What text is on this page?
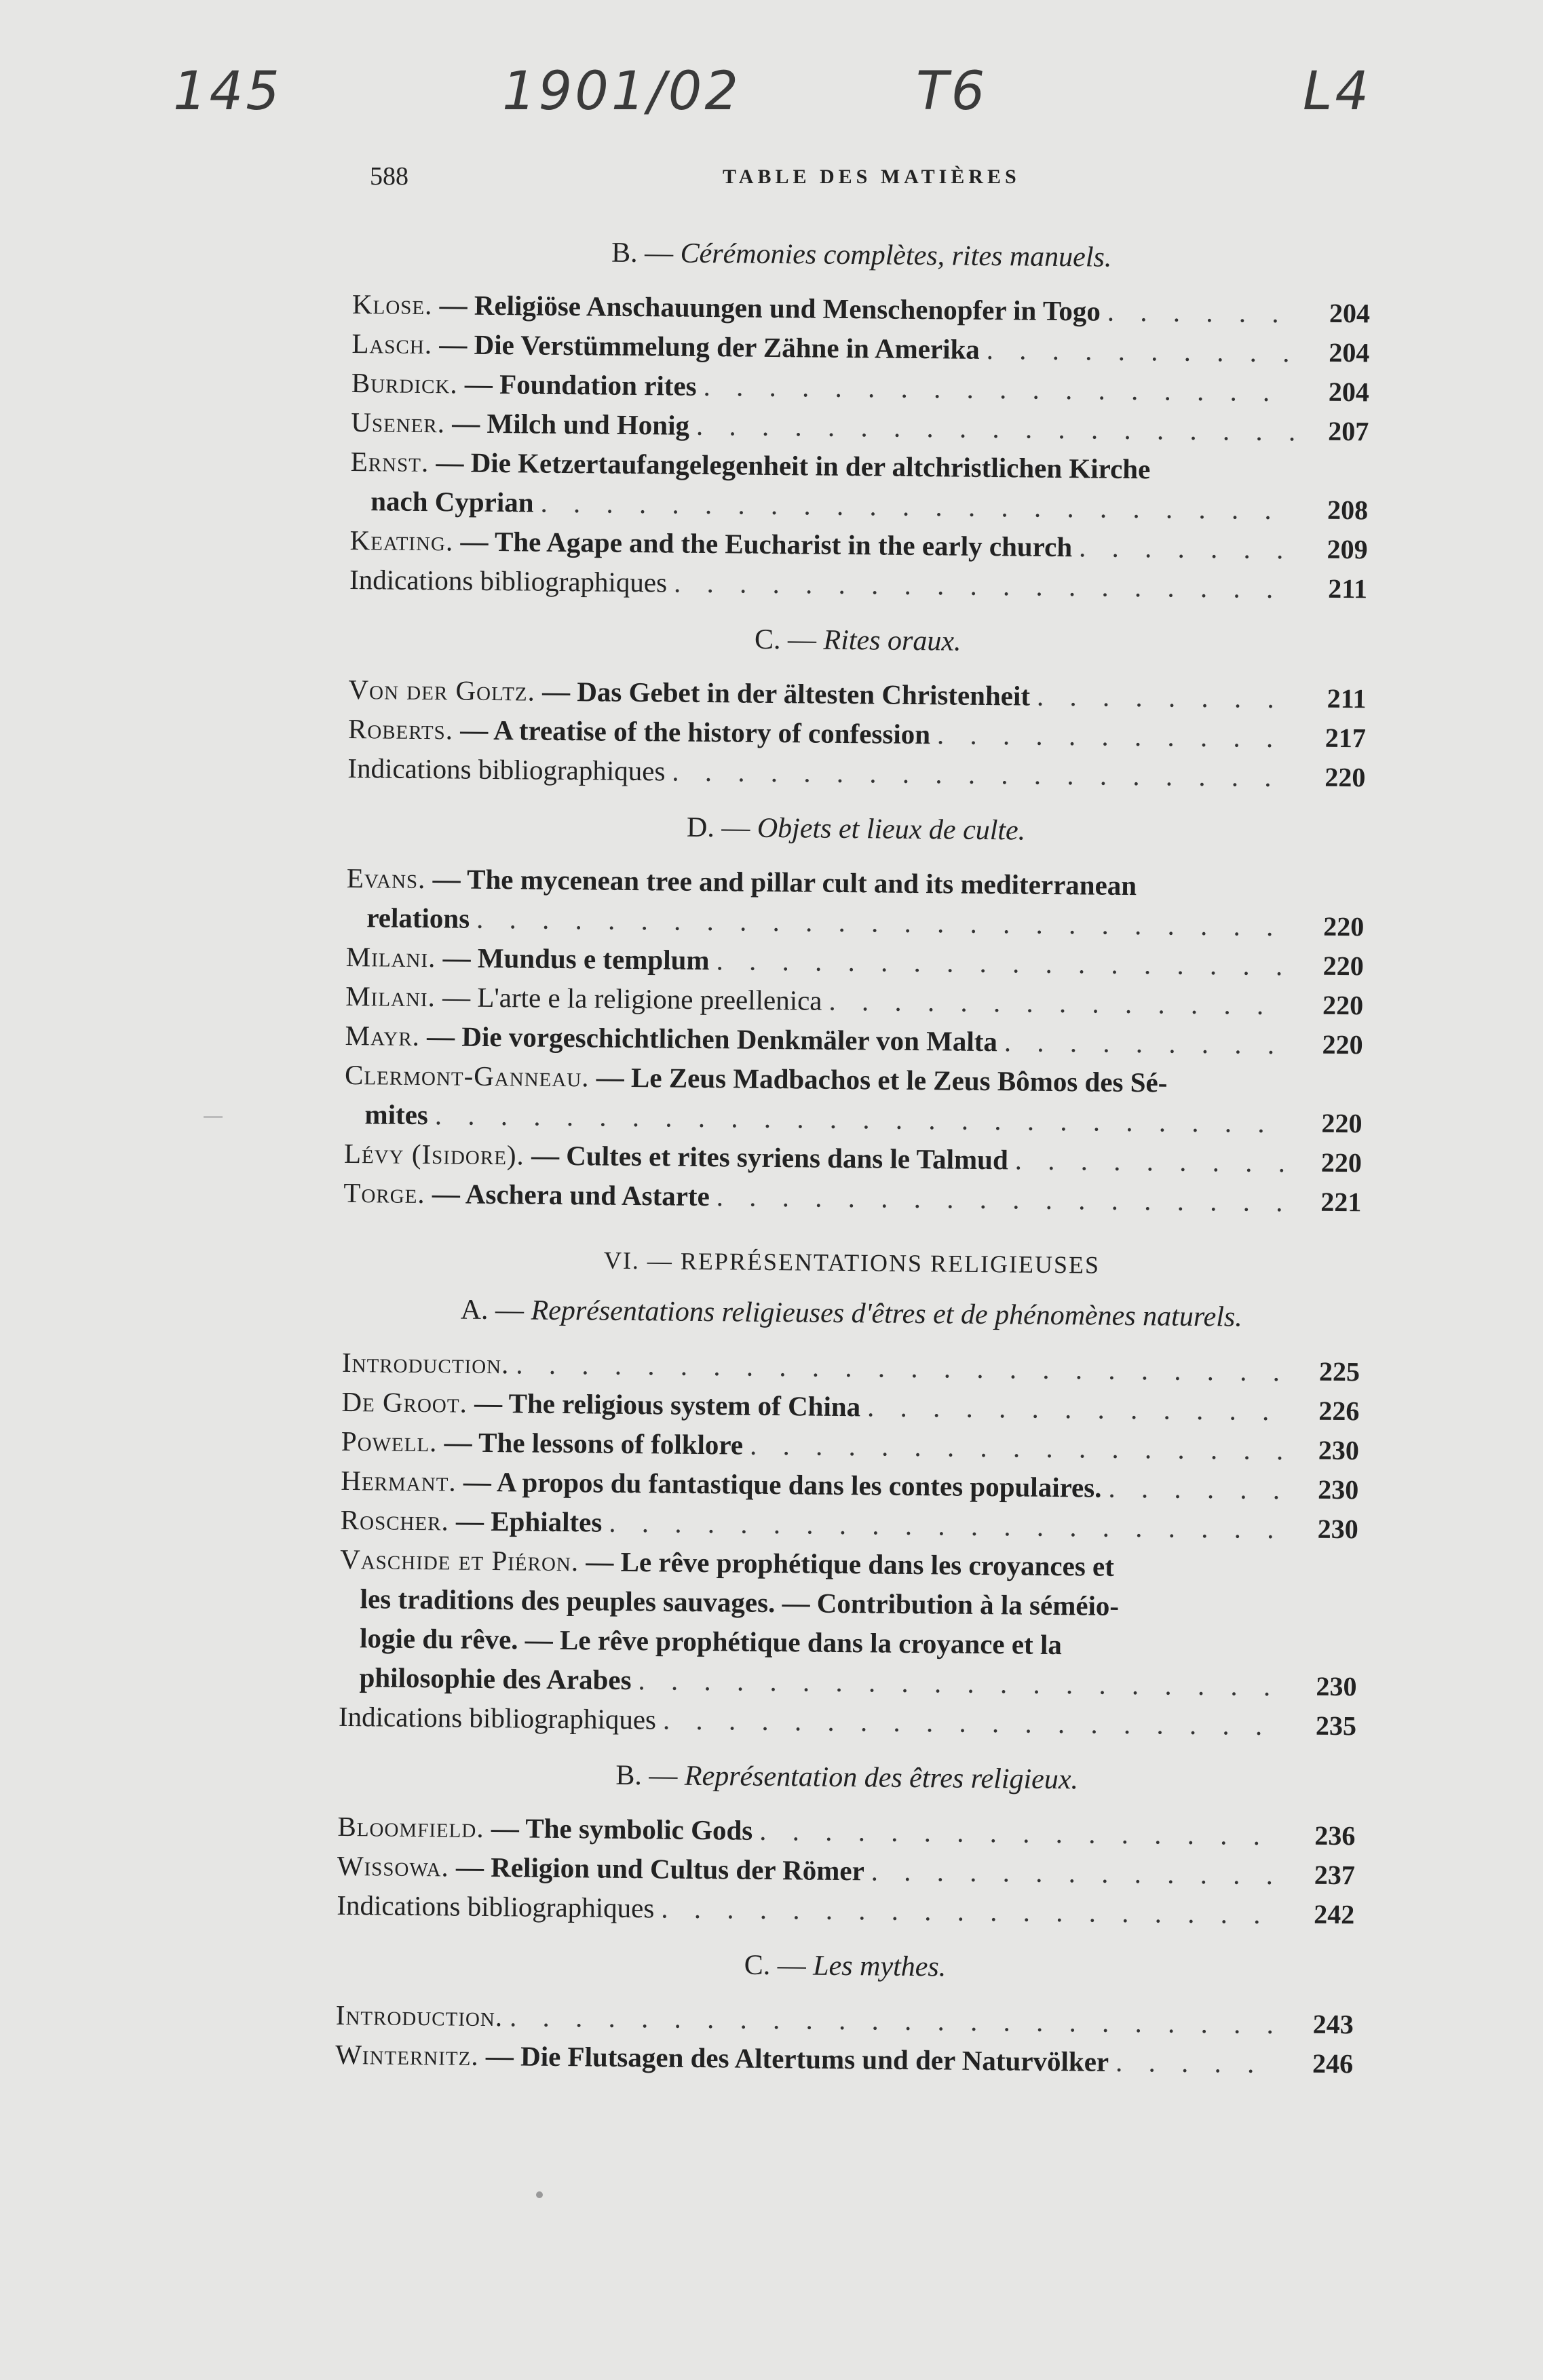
145	1901/02	T6	L4
588	TABLE DES MATIÈRES
B. — Cérémonies complètes, rites manuels.
Klose. — Religiöse Anschauungen und Menschenopfer in Togo . . .	204
Lasch. — Die Verstümmelung der Zähne in Amerika . . .	204
Burdick. — Foundation rites . . .	204
Usener. — Milch und Honig . . .	207
Ernst. — Die Ketzertaufangelegenheit in der altchristlichen Kirche
nach Cyprian . . .	208
Keating. — The Agape and the Eucharist in the early church . . .	209
Indications bibliographiques . . .	211
C. — Rites oraux.
Von der Goltz. — Das Gebet in der ältesten Christenheit . . .	211
Roberts. — A treatise of the history of confession . . .	217
Indications bibliographiques . . .	220
D. — Objets et lieux de culte.
Evans. — The mycenean tree and pillar cult and its mediterranean
relations . . .	220
Milani. — Mundus e templum . . .	220
Milani. — L'arte e la religione preellenica . . .	220
Mayr. — Die vorgeschichtlichen Denkmäler von Malta . . .	220
Clermont-Ganneau. — Le Zeus Madbachos et le Zeus Bômos des Sé-
mites . . .	220
Lévy (Isidore). — Cultes et rites syriens dans le Talmud . . .	220
Torge. — Aschera und Astarte . . .	221
VI. — REPRÉSENTATIONS RELIGIEUSES
A. — Représentations religieuses d'êtres et de phénomènes naturels.
Introduction. . . .	225
De Groot. — The religious system of China . . .	226
Powell. — The lessons of folklore . . .	230
Hermant. — A propos du fantastique dans les contes populaires. . . .	230
Roscher. — Ephialtes . . .	230
Vaschide et Piéron. — Le rêve prophétique dans les croyances et
les traditions des peuples sauvages. — Contribution à la séméio-
logie du rêve. — Le rêve prophétique dans la croyance et la
philosophie des Arabes . . .	230
Indications bibliographiques . . .	235
B. — Représentation des êtres religieux.
Bloomfield. — The symbolic Gods . . .	236
Wissowa. — Religion und Cultus der Römer . . .	237
Indications bibliographiques . . .	242
C. — Les mythes.
Introduction. . . .	243
Winternitz. — Die Flutsagen des Altertums und der Naturvölker . . .	246
